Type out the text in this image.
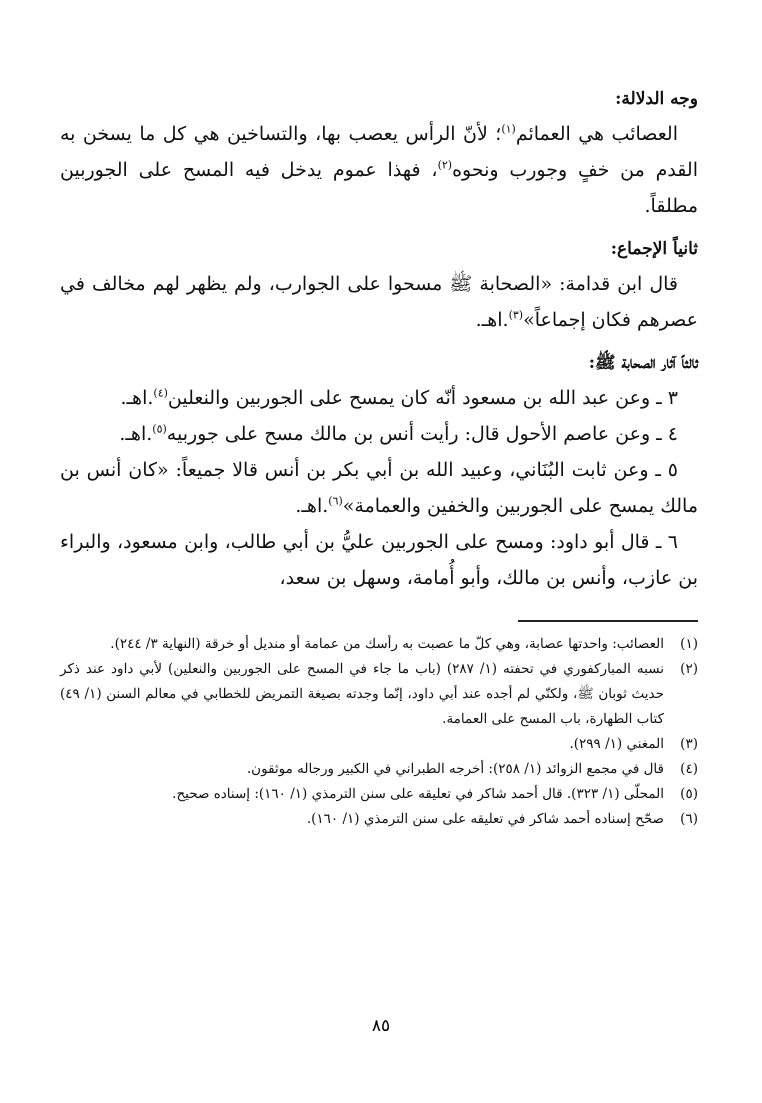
وجه الدلالة:

العصائب هي العمائم$^{(١)}$؛ لأنّ الرأس يعصب بها، والتساخين هي كل ما يسخن به القدم من خفٍ وجورب ونحوه$^{(٢)}$، فهذا عموم يدخل فيه المسح على الجوربين مطلقاً.

ثانياً الإجماع:

قال ابن قدامة: «الصحابة ﷺ مسحوا على الجوارب، ولم يظهر لهم مخالف في عصرهم فكان إجماعاً»$^{(٣)}$.اهـ.

ثالثاً آثار الصحابة ﷺ:

٣ ـ وعن عبد الله بن مسعود أنّه كان يمسح على الجوربين والنعلين$^{(٤)}$.اهـ.

٤ ـ وعن عاصم الأحول قال: رأيت أنس بن مالك مسح على جوربيه$^{(٥)}$.اهـ.

٥ ـ وعن ثابت البُنَاني، وعبيد الله بن أبي بكر بن أنس قالا جميعاً: «كان أنس بن مالك يمسح على الجوربين والخفين والعمامة»$^{(٦)}$.اهـ.

٦ ـ قال أبو داود: ومسح على الجوربين عليُّ بن أبي طالب، وابن مسعود، والبراء بن عازب، وأنس بن مالك، وأبو أُمامة، وسهل بن سعد،

(١)
العصائب: واحدتها عصابة، وهي كلّ ما عصبت به رأسك من عمامة أو منديل أو خرقة (النهاية ٣/ ٢٤٤).
(٢)
نسبه المباركفوري في تحفته (١/ ٢٨٧) (باب ما جاء في المسح على الجوربين والنعلين) لأبي داود عند ذكر حديث ثوبان ﷺ، ولكنّي لم أجده عند أبي داود، إنّما وجدته بصيغة التمريض للخطابي في معالم السنن (١/ ٤٩) كتاب الطهارة، باب المسح على العمامة.
(٣)
المغني (١/ ٢٩٩).
(٤)
قال في مجمع الزوائد (١/ ٢٥٨): أخرجه الطبراني في الكبير ورجاله موثقون.
(٥)
المحلّى (١/ ٣٢٣). قال أحمد شاكر في تعليقه على سنن الترمذي (١/ ١٦٠): إسناده صحيح.
(٦)
صحّح إسناده أحمد شاكر في تعليقه على سنن الترمذي (١/ ١٦٠).
٨٥
